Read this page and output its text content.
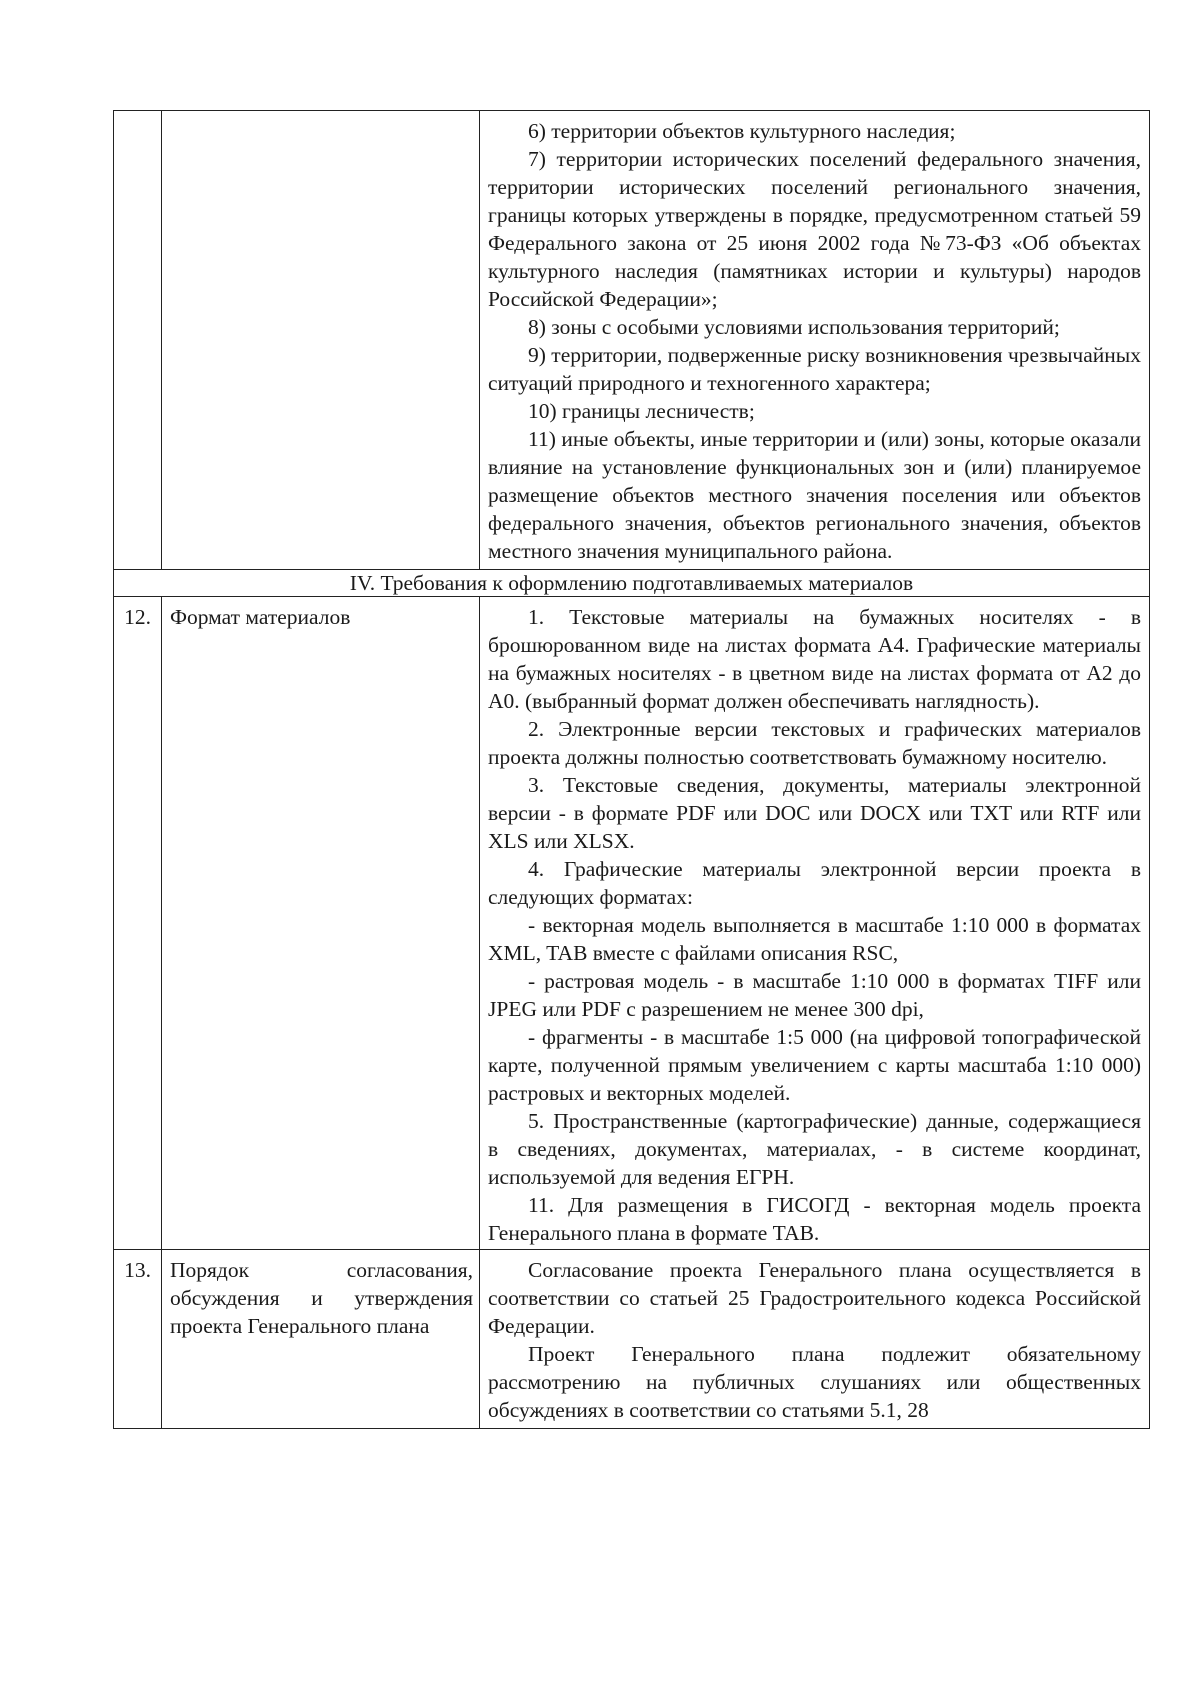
6) территории объектов культурного наследия;

7) территории исторических поселений федерального значения, территории исторических поселений регионального значения, границы которых утверждены в порядке, предусмотренном статьей 59 Федерального закона от 25 июня 2002 года №73-ФЗ «Об объектах культурного наследия (памятниках истории и культуры) народов Российской Федерации»;

8) зоны с особыми условиями использования территорий;

9) территории, подверженные риску возникновения чрезвычайных ситуаций природного и техногенного характера;

10) границы лесничеств;

11) иные объекты, иные территории и (или) зоны, которые оказали влияние на установление функциональных зон и (или) планируемое размещение объектов местного значения поселения или объектов федерального значения, объектов регионального значения, объектов местного значения муниципального района.

IV. Требования к оформлению подготавливаемых материалов
12. Формат материалов	1. Текстовые материалы на бумажных носителях - в брошюрованном виде на листах формата А4. Графические материалы на бумажных носителях - в цветном виде на листах формата от А2 до А0. (выбранный формат должен обеспечивать наглядность).

2. Электронные версии текстовых и графических материалов проекта должны полностью соответствовать бумажному носителю.

3. Текстовые сведения, документы, материалы электронной версии - в формате PDF или DOC или DOCX или TXT или RTF или XLS или XLSX.

4. Графические материалы электронной версии проекта в следующих форматах:

- векторная модель выполняется в масштабе 1:10 000 в форматах XML, TAB вместе с файлами описания RSC,

- растровая модель - в масштабе 1:10 000 в форматах TIFF или JPEG или PDF с разрешением не менее 300 dpi,

- фрагменты - в масштабе 1:5 000 (на цифровой топографической карте, полученной прямым увеличением с карты масштаба 1:10 000) растровых и векторных моделей.

5. Пространственные (картографические) данные, содержащиеся в сведениях, документах, материалах, - в системе координат, используемой для ведения ЕГРН.

11. Для размещения в ГИСОГД - векторная модель проекта Генерального плана в формате TAB.

13. Порядок согласования, обсуждения и утверждения проекта Генерального плана

Согласование проекта Генерального плана осуществляется в соответствии со статьей 25 Градостроительного кодекса Российской Федерации.

Проект Генерального плана подлежит обязательному рассмотрению на публичных слушаниях или общественных обсуждениях в соответствии со статьями 5.1, 28
